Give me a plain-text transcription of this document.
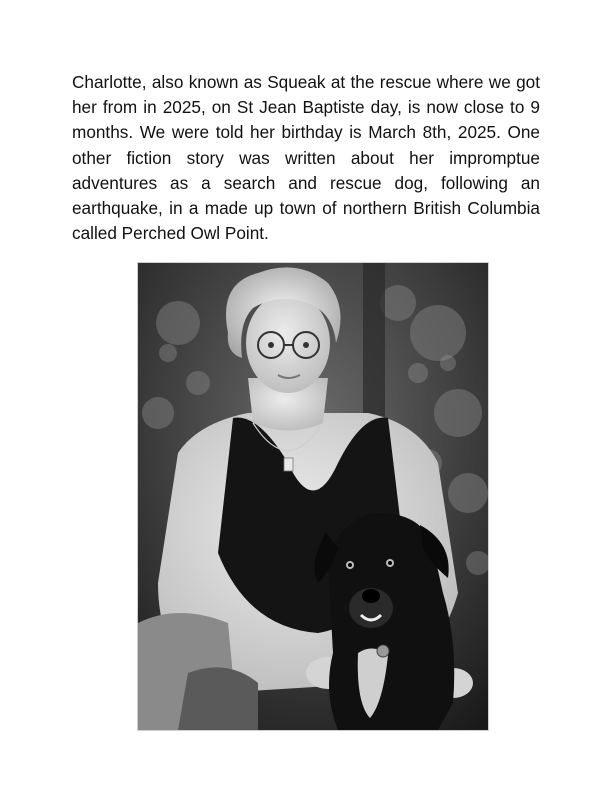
Charlotte, also known as Squeak at the rescue where we got her from in 2025, on St Jean Baptiste day, is now close to 9 months. We were told her birthday is March 8th, 2025. One other fiction story was written about her impromptue adventures as a search and rescue dog, following an earthquake, in a made up town of northern British Columbia called Perched Owl Point.
